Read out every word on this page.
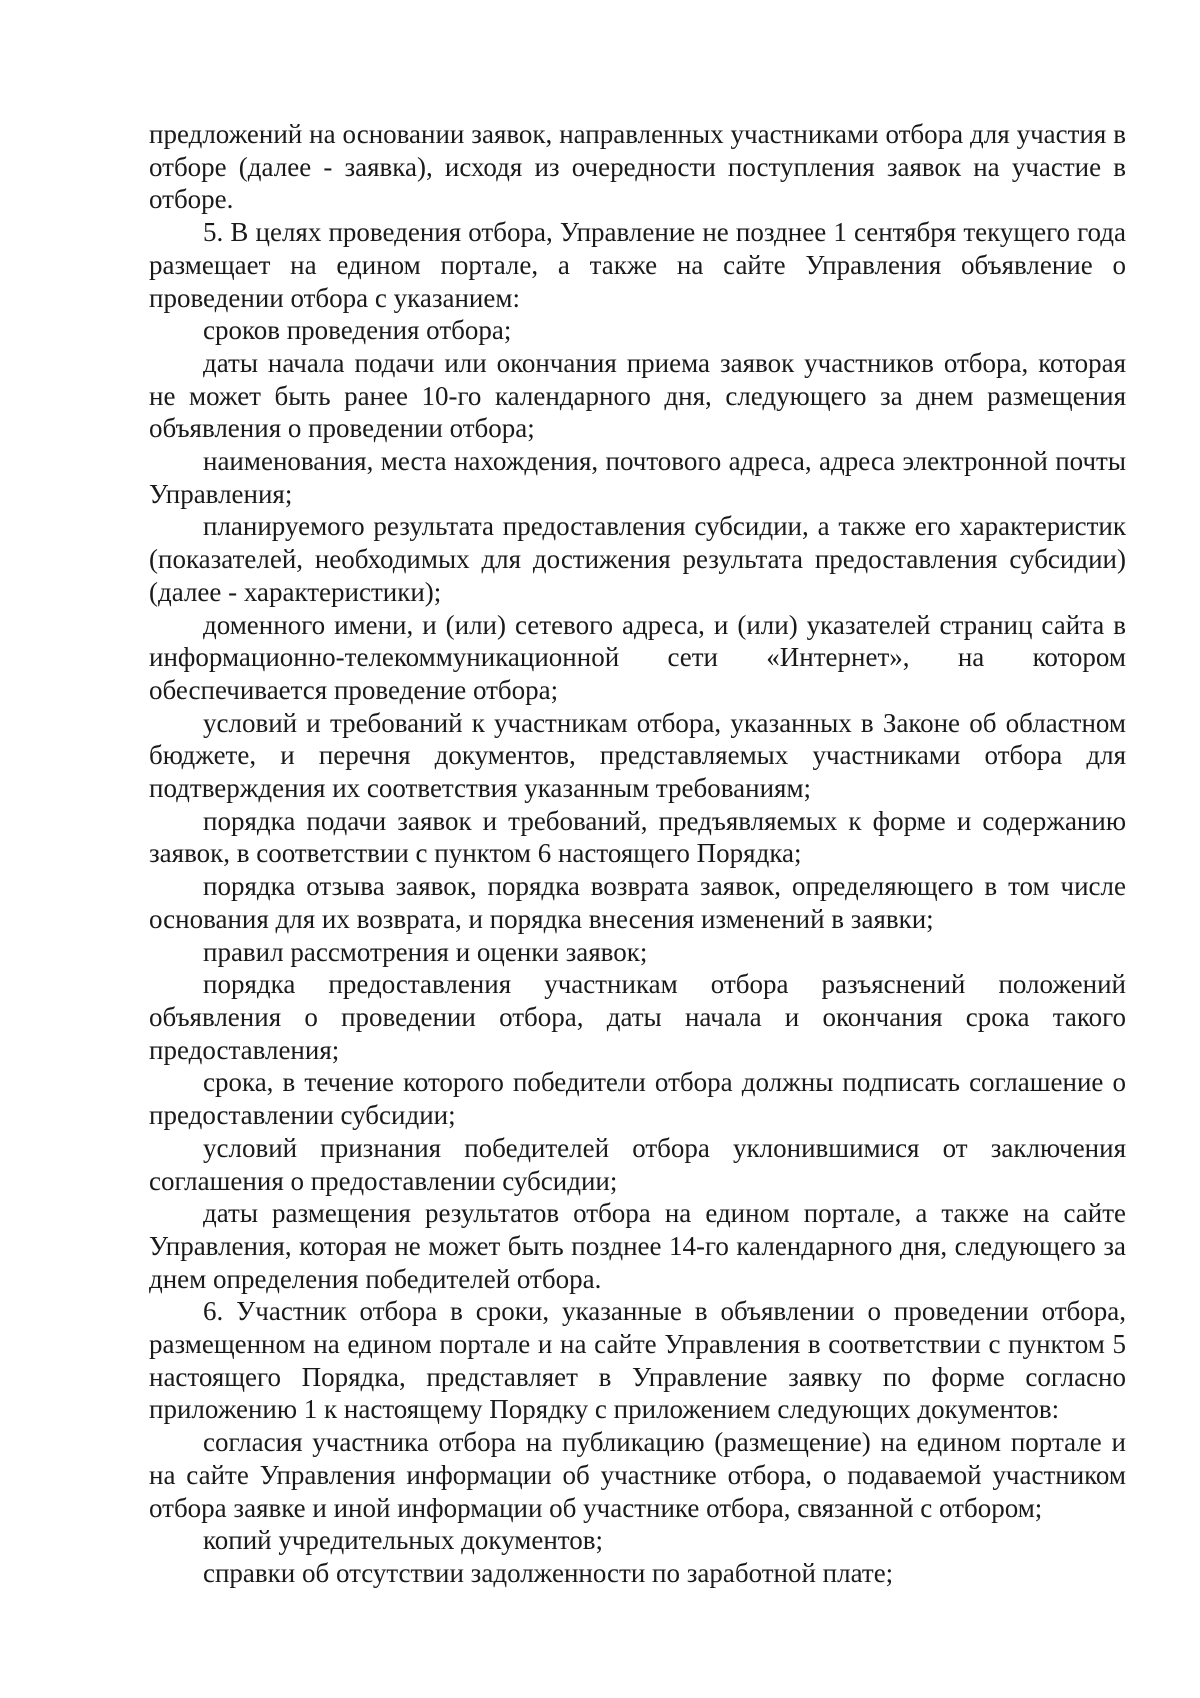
предложений на основании заявок, направленных участниками отбора для участия в отборе (далее - заявка), исходя из очередности поступления заявок на участие в отборе.

5. В целях проведения отбора, Управление не позднее 1 сентября текущего года размещает на едином портале, а также на сайте Управления объявление о проведении отбора с указанием:

сроков проведения отбора;

даты начала подачи или окончания приема заявок участников отбора, которая не может быть ранее 10-го календарного дня, следующего за днем размещения объявления о проведении отбора;

наименования, места нахождения, почтового адреса, адреса электронной почты Управления;

планируемого результата предоставления субсидии, а также его характеристик (показателей, необходимых для достижения результата предоставления субсидии) (далее - характеристики);

доменного имени, и (или) сетевого адреса, и (или) указателей страниц сайта в информационно-телекоммуникационной сети «Интернет», на котором обеспечивается проведение отбора;

условий и требований к участникам отбора, указанных в Законе об областном бюджете, и перечня документов, представляемых участниками отбора для подтверждения их соответствия указанным требованиям;

порядка подачи заявок и требований, предъявляемых к форме и содержанию заявок, в соответствии с пунктом 6 настоящего Порядка;

порядка отзыва заявок, порядка возврата заявок, определяющего в том числе основания для их возврата, и порядка внесения изменений в заявки;

правил рассмотрения и оценки заявок;

порядка предоставления участникам отбора разъяснений положений объявления о проведении отбора, даты начала и окончания срока такого предоставления;

срока, в течение которого победители отбора должны подписать соглашение о предоставлении субсидии;

условий признания победителей отбора уклонившимися от заключения соглашения о предоставлении субсидии;

даты размещения результатов отбора на едином портале, а также на сайте Управления, которая не может быть позднее 14-го календарного дня, следующего за днем определения победителей отбора.

6. Участник отбора в сроки, указанные в объявлении о проведении отбора, размещенном на едином портале и на сайте Управления в соответствии с пунктом 5 настоящего Порядка, представляет в Управление заявку по форме согласно приложению 1 к настоящему Порядку с приложением следующих документов:

согласия участника отбора на публикацию (размещение) на едином портале и на сайте Управления информации об участнике отбора, о подаваемой участником отбора заявке и иной информации об участнике отбора, связанной с отбором;

копий учредительных документов;

справки об отсутствии задолженности по заработной плате;
